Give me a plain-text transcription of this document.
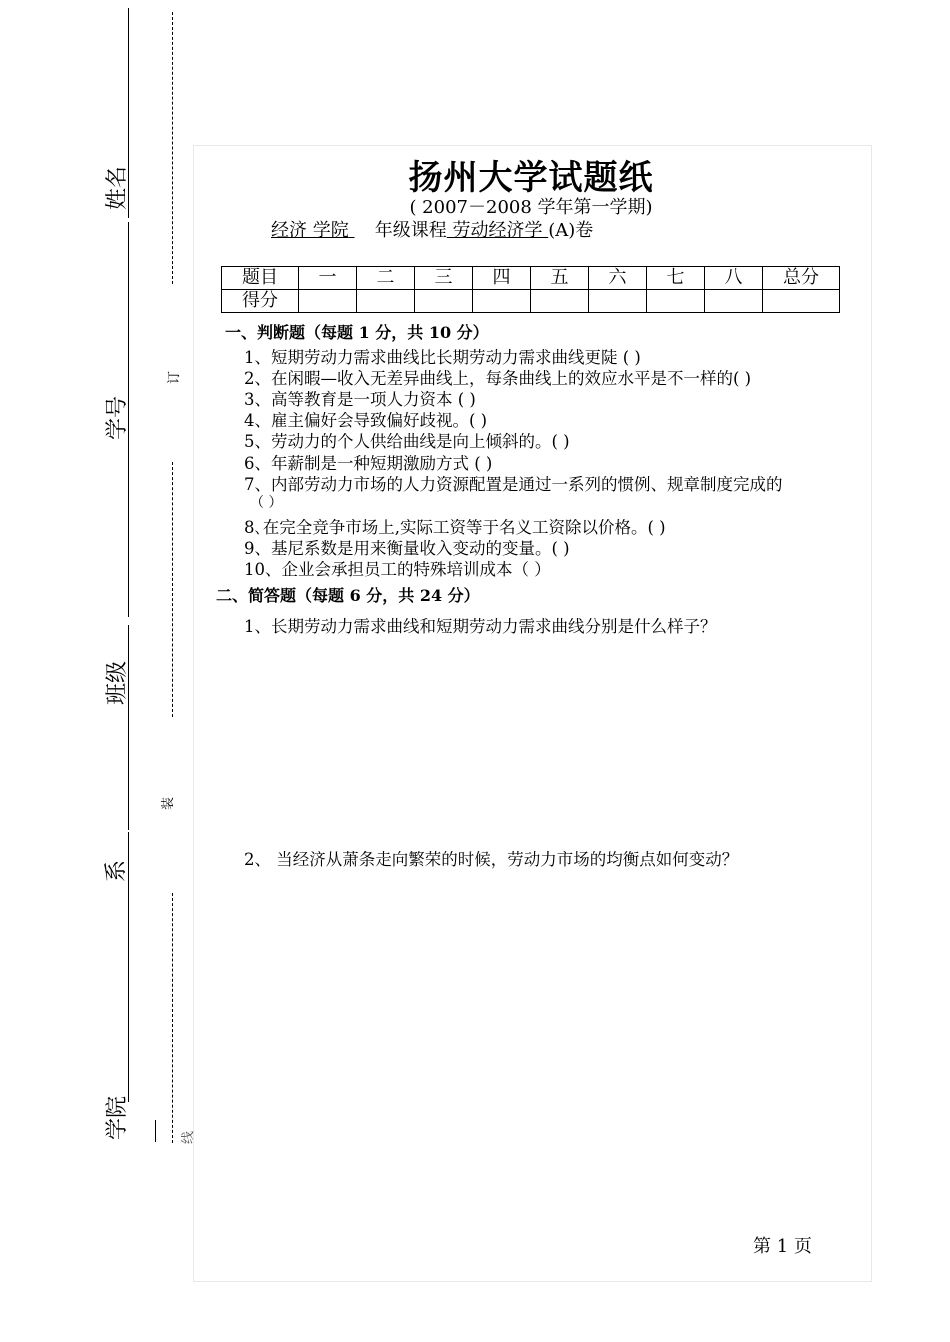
姓名
学号
班级
系
学院
订
装
线
扬州大学试题纸
( 2007－2008 学年第一学期)
经济 学院 年级课程 劳动经济学 (A)卷
题目	一	二	三	四	五	六	七	八	总分
得分									
一、判断题（每题 1 分，共 10 分）
1、短期劳动力需求曲线比长期劳动力需求曲线更陡 ( )
2、在闲暇—收入无差异曲线上，每条曲线上的效应水平是不一样的( )
3、高等教育是一项人力资本 ( )
4、雇主偏好会导致偏好歧视。( )
5、劳动力的个人供给曲线是向上倾斜的。( )
6、年薪制是一种短期激励方式 ( )
7、内部劳动力市场的人力资源配置是通过一系列的惯例、规章制度完成的
（ ）
8､在完全竞争市场上,实际工资等于名义工资除以价格。( )
9、基尼系数是用来衡量收入变动的变量。( )
10、企业会承担员工的特殊培训成本（ ）
二、简答题（每题 6 分，共 24 分）
1、长期劳动力需求曲线和短期劳动力需求曲线分别是什么样子？
2、 当经济从萧条走向繁荣的时候，劳动力市场的均衡点如何变动？
第 1 页
